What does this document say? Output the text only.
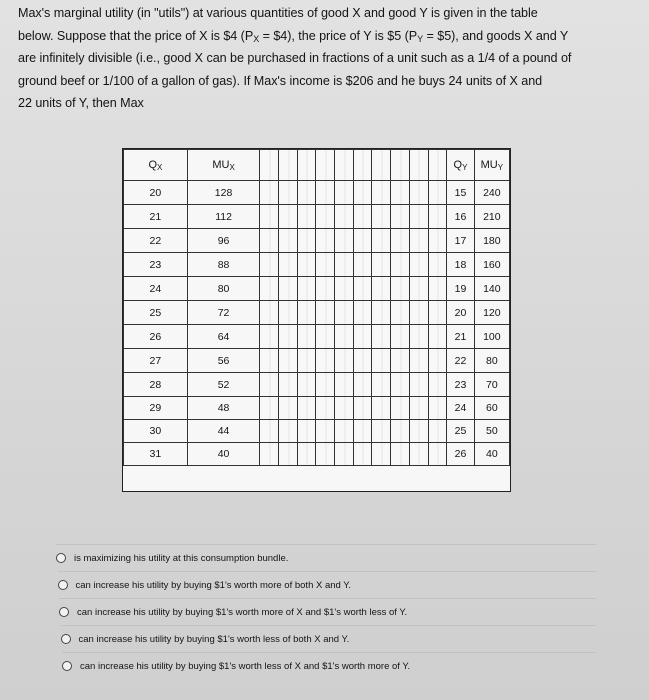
Max's marginal utility (in "utils") at various quantities of good X and good Y is given in the table
below. Suppose that the price of X is $4 ($P_X$ = $4), the price of Y is $5 ($P_Y$ = $5), and goods X and Y
are infinitely divisible (i.e., good X can be purchased in fractions of a unit such as a 1/4 of a pound of
ground beef or 1/100 of a gallon of gas). If Max's income is $206 and he buys 24 units of X and
22 units of Y, then Max
$Q_X$	$MU_X$											$Q_Y$	$MU_Y$
20	128											15	240
21	112											16	210
22	96											17	180
23	88											18	160
24	80											19	140
25	72											20	120
26	64											21	100
27	56											22	80
28	52											23	70
29	48											24	60
30	44											25	50
31	40											26	40
is maximizing his utility at this consumption bundle.
can increase his utility by buying $1's worth more of both X and Y.
can increase his utility by buying $1's worth more of X and $1's worth less of Y.
can increase his utility by buying $1's worth less of both X and Y.
can increase his utility by buying $1's worth less of X and $1's worth more of Y.
